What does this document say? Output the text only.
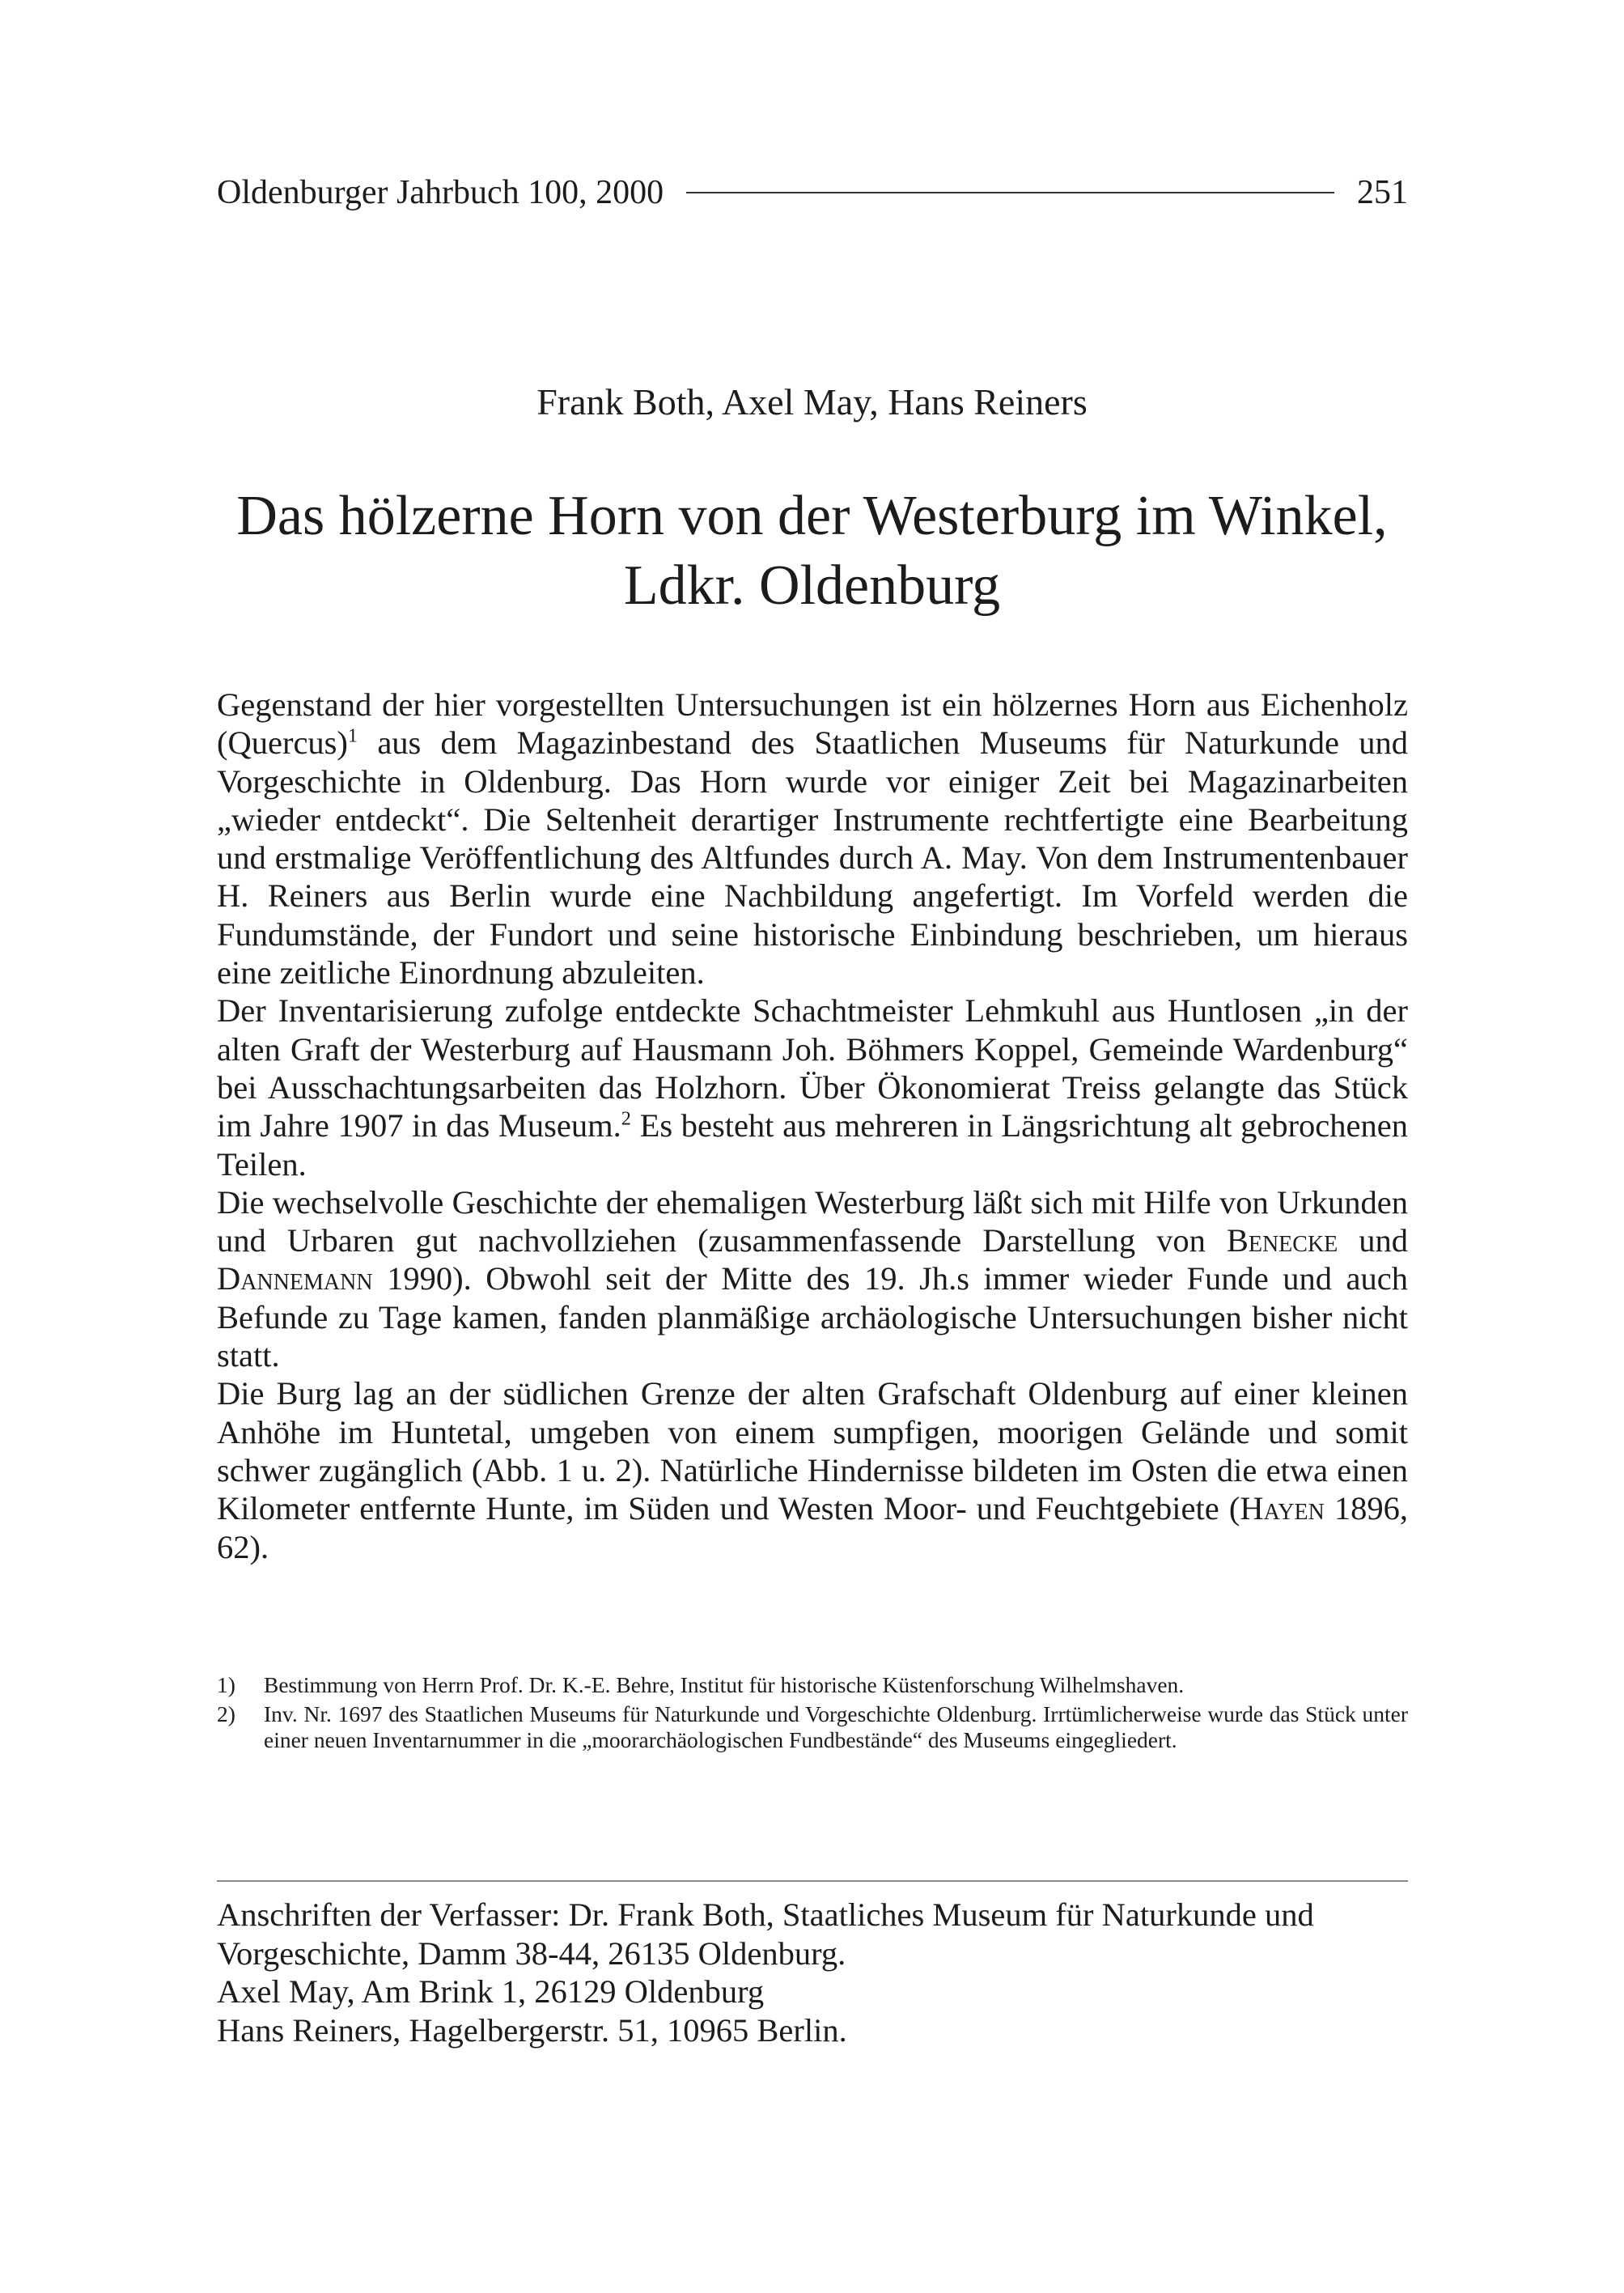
Oldenburger Jahrbuch 100, 2000	251
Frank Both, Axel May, Hans Reiners
Das hölzerne Horn von der Westerburg im Winkel,
Ldkr. Oldenburg

Gegenstand der hier vorgestellten Untersuchungen ist ein hölzernes Horn aus Eichenholz (Quercus)$^1$ aus dem Magazinbestand des Staatlichen Museums für Naturkunde und Vorgeschichte in Oldenburg. Das Horn wurde vor einiger Zeit bei Magazinarbeiten „wieder entdeckt“. Die Seltenheit derartiger Instrumente rechtfertigte eine Bearbeitung und erstmalige Veröffentlichung des Altfundes durch A. May. Von dem Instrumentenbauer H. Reiners aus Berlin wurde eine Nachbildung angefertigt. Im Vorfeld werden die Fundumstände, der Fundort und seine historische Einbindung beschrieben, um hieraus eine zeitliche Einordnung abzuleiten.

Der Inventarisierung zufolge entdeckte Schachtmeister Lehmkuhl aus Huntlosen „in der alten Graft der Westerburg auf Hausmann Joh. Böhmers Koppel, Gemeinde Wardenburg“ bei Ausschachtungsarbeiten das Holzhorn. Über Ökonomierat Treiss gelangte das Stück im Jahre 1907 in das Museum.$^2$ Es besteht aus mehreren in Längsrichtung alt gebrochenen Teilen.

Die wechselvolle Geschichte der ehemaligen Westerburg läßt sich mit Hilfe von Urkunden und Urbaren gut nachvollziehen (zusammenfassende Darstellung von Benecke und Dannemann 1990). Obwohl seit der Mitte des 19. Jh.s immer wieder Funde und auch Befunde zu Tage kamen, fanden planmäßige archäologische Untersuchungen bisher nicht statt.

Die Burg lag an der südlichen Grenze der alten Grafschaft Oldenburg auf einer kleinen Anhöhe im Huntetal, umgeben von einem sumpfigen, moorigen Gelände und somit schwer zugänglich (Abb. 1 u. 2). Natürliche Hindernisse bildeten im Osten die etwa einen Kilometer entfernte Hunte, im Süden und Westen Moor- und Feuchtgebiete (Hayen 1896, 62).

1)	Bestimmung von Herrn Prof. Dr. K.-E. Behre, Institut für historische Küstenforschung Wilhelmshaven.
2)	Inv. Nr. 1697 des Staatlichen Museums für Naturkunde und Vorgeschichte Oldenburg. Irrtümlicherweise wurde das Stück unter einer neuen Inventarnummer in die „moorarchäologischen Fundbestände“ des Museums eingegliedert.
Anschriften der Verfasser: Dr. Frank Both, Staatliches Museum für Naturkunde und
Vorgeschichte, Damm 38-44, 26135 Oldenburg.
Axel May, Am Brink 1, 26129 Oldenburg
Hans Reiners, Hagelbergerstr. 51, 10965 Berlin.
